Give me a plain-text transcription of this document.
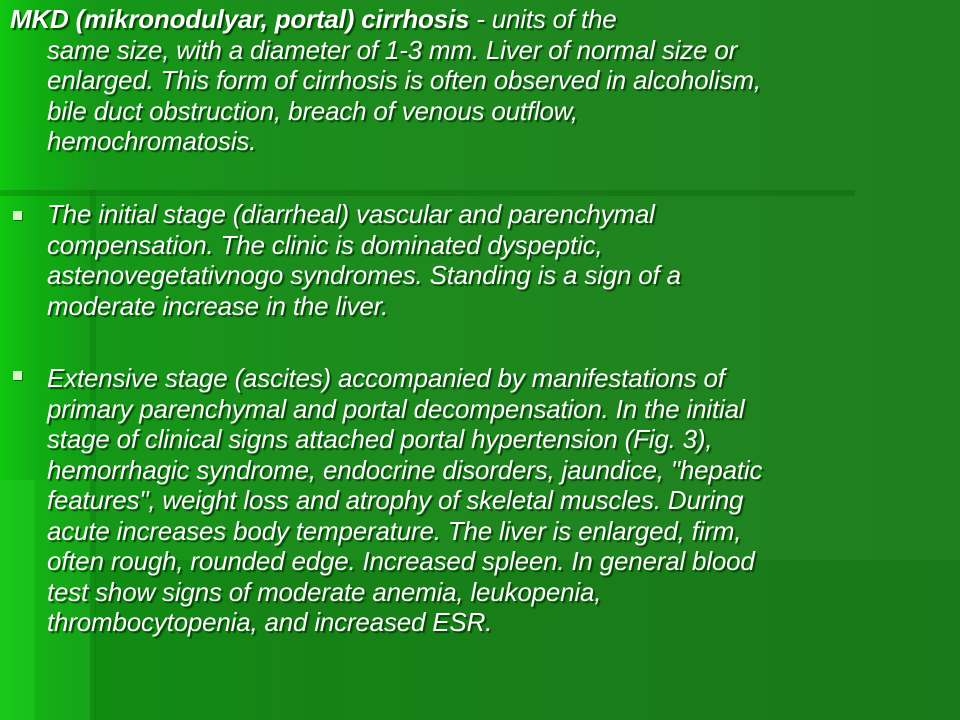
MKD (mikronodulyar, portal) cirrhosis - units of the
same size, with a diameter of 1-3 mm. Liver of normal size or
enlarged. This form of cirrhosis is often observed in alcoholism,
bile duct obstruction, breach of venous outflow,
hemochromatosis.
The initial stage (diarrheal) vascular and parenchymal
compensation. The clinic is dominated dyspeptic,
astenovegetativnogo syndromes. Standing is a sign of a
moderate increase in the liver.
Extensive stage (ascites) accompanied by manifestations of
primary parenchymal and portal decompensation. In the initial
stage of clinical signs attached portal hypertension (Fig. 3),
hemorrhagic syndrome, endocrine disorders, jaundice, "hepatic
features", weight loss and atrophy of skeletal muscles. During
acute increases body temperature. The liver is enlarged, firm,
often rough, rounded edge. Increased spleen. In general blood
test show signs of moderate anemia, leukopenia,
thrombocytopenia, and increased ESR.
